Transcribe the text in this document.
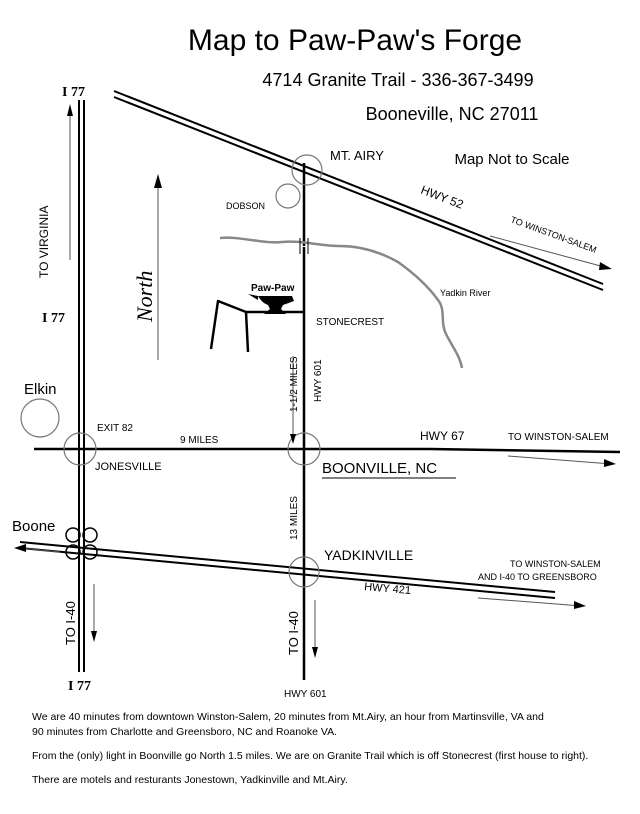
Map to Paw-Paw's Forge
4714 Granite Trail - 336-367-3499
Booneville, NC 27011
Map Not to Scale
North
I 77
I 77
I 77
TO VIRGINIA
MT. AIRY
DOBSON	HWY 52
TO WINSTON-SALEM
Yadkin River
Paw-Paw
STONECREST
1-1/2 MILES HWY 601
Elkin
EXIT 82
9 MILES	HWY 67	TO WINSTON-SALEM
JONESVILLE	BOONVILLE, NC
Boone	13 MILES
YADKINVILLE
TO WINSTON-SALEM
AND I-40 TO GREENSBORO
HWY 421
TO I-40	TO I-40
HWY 601

We are 40 minutes from downtown Winston-Salem, 20 minutes from Mt.Airy, an hour from Martinsville, VA and
90 minutes from Charlotte and Greensboro, NC and Roanoke VA.

From the (only) light in Boonville go North 1.5 miles. We are on Granite Trail which is off Stonecrest (first house to right).

There are motels and resturants Jonestown, Yadkinville and Mt.Airy.
